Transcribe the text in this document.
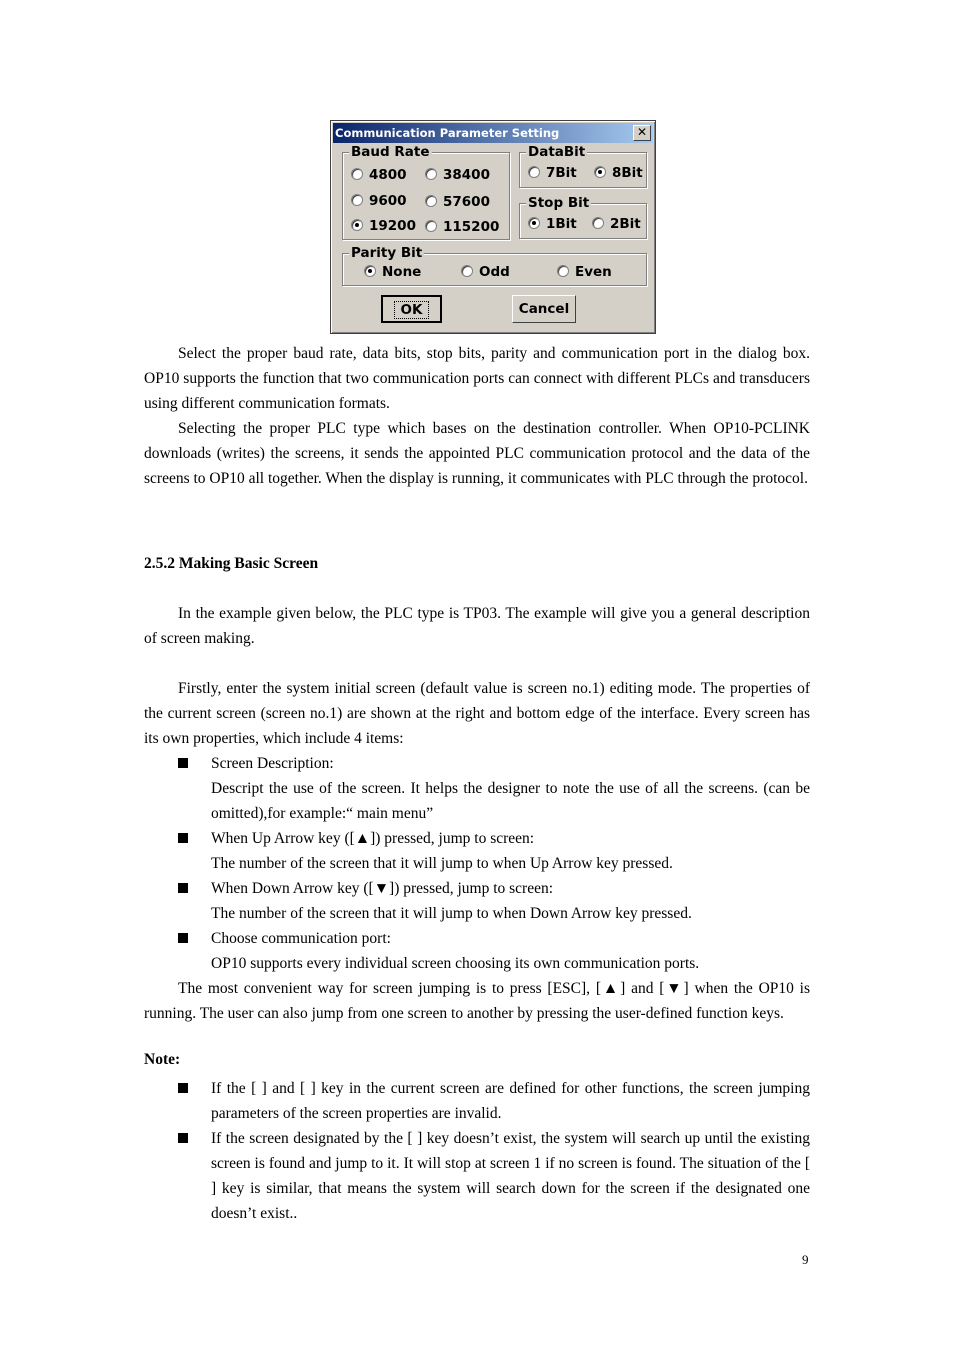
Communication Parameter Setting	✕
Baud Rate
4800	38400
9600	57600
19200	115200
DataBit
7Bit	8Bit
Stop Bit
1Bit	2Bit
Parity Bit
None	Odd	Even
OK	Cancel
Select the proper baud rate, data bits, stop bits, parity and communication port in the dialog box. OP10 supports the function that two communication ports can connect with different PLCs and transducers using different communication formats.
Selecting the proper PLC type which bases on the destination controller. When OP10-PCLINK downloads (writes) the screens, it sends the appointed PLC communication protocol and the data of the screens to OP10 all together. When the display is running, it communicates with PLC through the protocol.
2.5.2 Making Basic Screen
In the example given below, the PLC type is TP03. The example will give you a general description of screen making.
Firstly, enter the system initial screen (default value is screen no.1) editing mode. The properties of the current screen (screen no.1) are shown at the right and bottom edge of the interface. Every screen has its own properties, which include 4 items:
Screen Description:
Descript the use of the screen. It helps the designer to note the use of all the screens. (can be omitted),for example:“ main menu”
When Up Arrow key ([▲]) pressed, jump to screen:
The number of the screen that it will jump to when Up Arrow key pressed.
When Down Arrow key ([▼]) pressed, jump to screen:
The number of the screen that it will jump to when Down Arrow key pressed.
Choose communication port:
OP10 supports every individual screen choosing its own communication ports.
The most convenient way for screen jumping is to press [ESC], [▲] and [▼] when the OP10 is running. The user can also jump from one screen to another by pressing the user-defined function keys.
Note:
If the [ ] and [ ] key in the current screen are defined for other functions, the screen jumping parameters of the screen properties are invalid.
If the screen designated by the [ ] key doesn’t exist, the system will search up until the existing screen is found and jump to it. It will stop at screen 1 if no screen is found. The situation of the [ ] key is similar, that means the system will search down for the screen if the designated one doesn’t exist..
9
